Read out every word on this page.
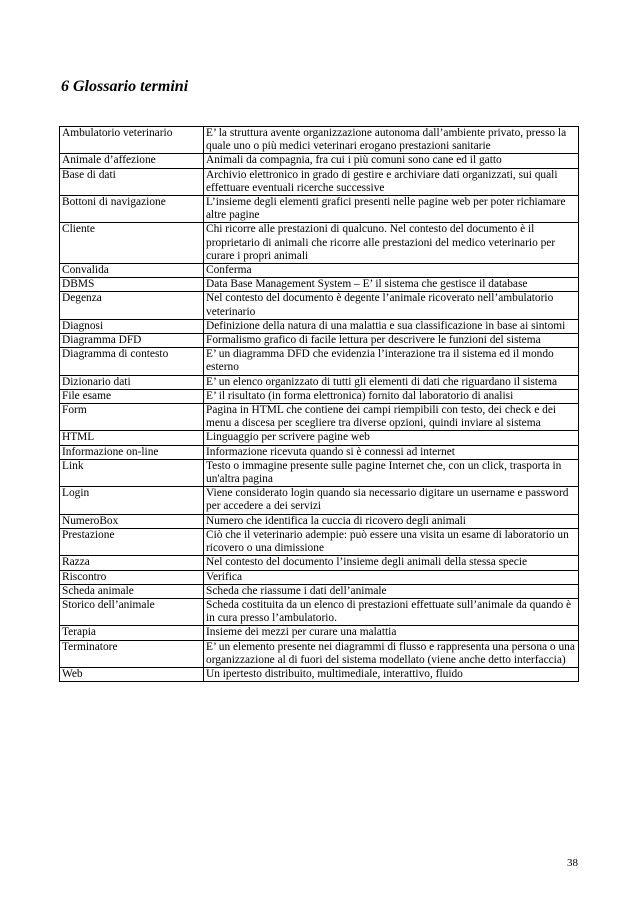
6 Glossario termini
Ambulatorio veterinario	E’ la struttura avente organizzazione autonoma dall’ambiente privato, presso la quale uno o più medici veterinari erogano prestazioni sanitarie
Animale d’affezione	Animali da compagnia, fra cui i più comuni sono cane ed il gatto
Base di dati	Archivio elettronico in grado di gestire e archiviare dati organizzati, sui quali effettuare eventuali ricerche successive
Bottoni di navigazione	L’insieme degli elementi grafici presenti nelle pagine web per poter richiamare altre pagine
Cliente	Chi ricorre alle prestazioni di qualcuno. Nel contesto del documento è il proprietario di animali che ricorre alle prestazioni del medico veterinario per curare i propri animali
Convalida	Conferma
DBMS	Data Base Management System – E’ il sistema che gestisce il database
Degenza	Nel contesto del documento è degente l’animale ricoverato nell’ambulatorio veterinario
Diagnosi	Definizione della natura di una malattia e sua classificazione in base ai sintomi
Diagramma DFD	Formalismo grafico di facile lettura per descrivere le funzioni del sistema
Diagramma di contesto	E’ un diagramma DFD che evidenzia l’interazione tra il sistema ed il mondo esterno
Dizionario dati	E’ un elenco organizzato di tutti gli elementi di dati che riguardano il sistema
File esame	E’ il risultato (in forma elettronica) fornito dal laboratorio di analisi
Form	Pagina in HTML che contiene dei campi riempibili con testo, dei check e dei menu a discesa per scegliere tra diverse opzioni, quindi inviare al sistema
HTML	Linguaggio per scrivere pagine web
Informazione on-line	Informazione ricevuta quando si è connessi ad internet
Link	Testo o immagine presente sulle pagine Internet che, con un click, trasporta in un'altra pagina
Login	Viene considerato login quando sia necessario digitare un username e password per accedere a dei servizi
NumeroBox	Numero che identifica la cuccia di ricovero degli animali
Prestazione	Ciò che il veterinario adempie: può essere una visita un esame di laboratorio un ricovero o una dimissione
Razza	Nel contesto del documento l’insieme degli animali della stessa specie
Riscontro	Verifica
Scheda animale	Scheda che riassume i dati dell’animale
Storico dell’animale	Scheda costituita da un elenco di prestazioni effettuate sull’animale da quando è in cura presso l’ambulatorio.
Terapia	Insieme dei mezzi per curare una malattia
Terminatore	E’ un elemento presente nei diagrammi di flusso e rappresenta una persona o una organizzazione al di fuori del sistema modellato (viene anche detto interfaccia)
Web	Un ipertesto distribuito, multimediale, interattivo, fluido
38
